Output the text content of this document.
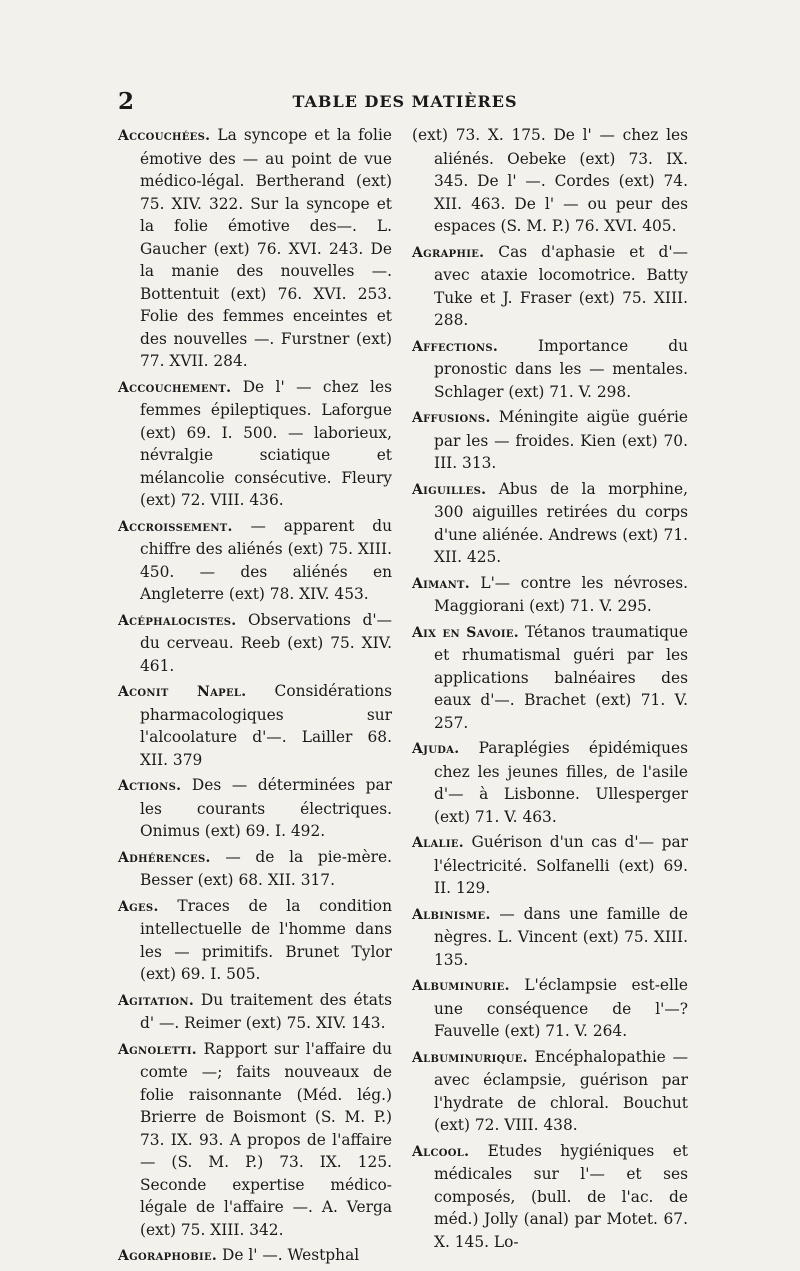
2	TABLE DES MATIÈRES

Accouchées. La syncope et la folie émotive des — au point de vue médico-légal. Bertherand (ext) 75. XIV. 322. Sur la syncope et la folie émotive des—. L. Gaucher (ext) 76. XVI. 243. De la manie des nouvelles —. Bottentuit (ext) 76. XVI. 253. Folie des femmes enceintes et des nouvelles —. Furstner (ext) 77. XVII. 284.

Accouchement. De l' — chez les femmes épileptiques. Laforgue (ext) 69. I. 500. — laborieux, névralgie sciatique et mélancolie consécutive. Fleury (ext) 72. VIII. 436.

Accroissement. — apparent du chiffre des aliénés (ext) 75. XIII. 450. — des aliénés en Angleterre (ext) 78. XIV. 453.

Acéphalocistes. Observations d'— du cerveau. Reeb (ext) 75. XIV. 461.

Aconit Napel. Considérations pharmacologiques sur l'alcoolature d'—. Lailler 68. XII. 379

Actions. Des — déterminées par les courants électriques. Onimus (ext) 69. I. 492.

Adhérences. — de la pie-mère. Besser (ext) 68. XII. 317.

Ages. Traces de la condition intellectuelle de l'homme dans les — primitifs. Brunet Tylor (ext) 69. I. 505.

Agitation. Du traitement des états d' —. Reimer (ext) 75. XIV. 143.

Agnoletti. Rapport sur l'affaire du comte —; faits nouveaux de folie raisonnante (Méd. lég.) Brierre de Boismont (S. M. P.) 73. IX. 93. A propos de l'affaire — (S. M. P.) 73. IX. 125. Seconde expertise médico-légale de l'affaire —. A. Verga (ext) 75. XIII. 342.

Agoraphobie. De l' —. Westphal

(ext) 73. X. 175. De l' — chez les aliénés. Oebeke (ext) 73. IX. 345. De l' —. Cordes (ext) 74. XII. 463. De l' — ou peur des espaces (S. M. P.) 76. XVI. 405.

Agraphie. Cas d'aphasie et d'— avec ataxie locomotrice. Batty Tuke et J. Fraser (ext) 75. XIII. 288.

Affections. Importance du pronostic dans les — mentales. Schlager (ext) 71. V. 298.

Affusions. Méningite aigüe guérie par les — froides. Kien (ext) 70. III. 313.

Aiguilles. Abus de la morphine, 300 aiguilles retirées du corps d'une aliénée. Andrews (ext) 71. XII. 425.

Aimant. L'— contre les névroses. Maggiorani (ext) 71. V. 295.

Aix en Savoie. Tétanos traumatique et rhumatismal guéri par les applications balnéaires des eaux d'—. Brachet (ext) 71. V. 257.

Ajuda. Paraplégies épidémiques chez les jeunes filles, de l'asile d'— à Lisbonne. Ullesperger (ext) 71. V. 463.

Alalie. Guérison d'un cas d'— par l'électricité. Solfanelli (ext) 69. II. 129.

Albinisme. — dans une famille de nègres. L. Vincent (ext) 75. XIII. 135.

Albuminurie. L'éclampsie est-elle une conséquence de l'—? Fauvelle (ext) 71. V. 264.

Albuminurique. Encéphalopathie — avec éclampsie, guérison par l'hydrate de chloral. Bouchut (ext) 72. VIII. 438.

Alcool. Etudes hygiéniques et médicales sur l'— et ses composés, (bull. de l'ac. de méd.) Jolly (anal) par Motet. 67. X. 145. Lo-
